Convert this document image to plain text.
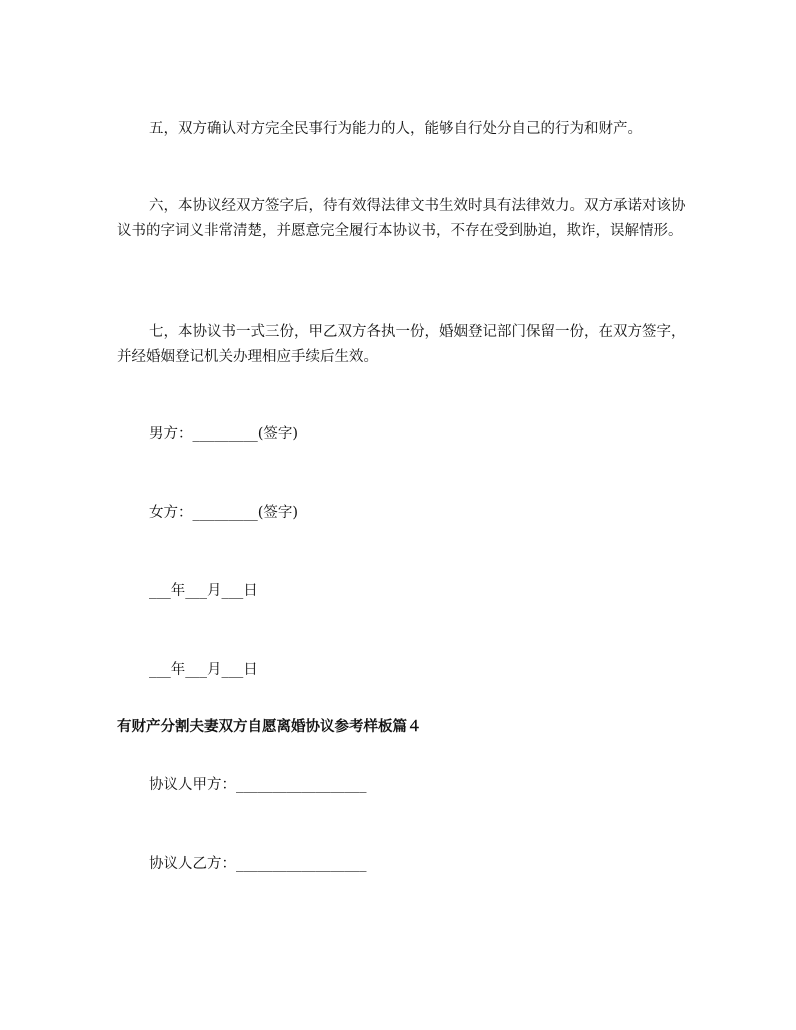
五，双方确认对方完全民事行为能力的人，能够自行处分自己的行为和财产。

六，本协议经双方签字后，待有效得法律文书生效时具有法律效力。双方承诺对该协议书的字词义非常清楚，并愿意完全履行本协议书，不存在受到胁迫，欺诈，误解情形。

七，本协议书一式三份，甲乙双方各执一份，婚姻登记部门保留一份，在双方签字，并经婚姻登记机关办理相应手续后生效。

男方：_________(签字)

女方：_________(签字)

___年___月___日

___年___月___日

有财产分割夫妻双方自愿离婚协议参考样板篇４

协议人甲方：__________________

协议人乙方：__________________
